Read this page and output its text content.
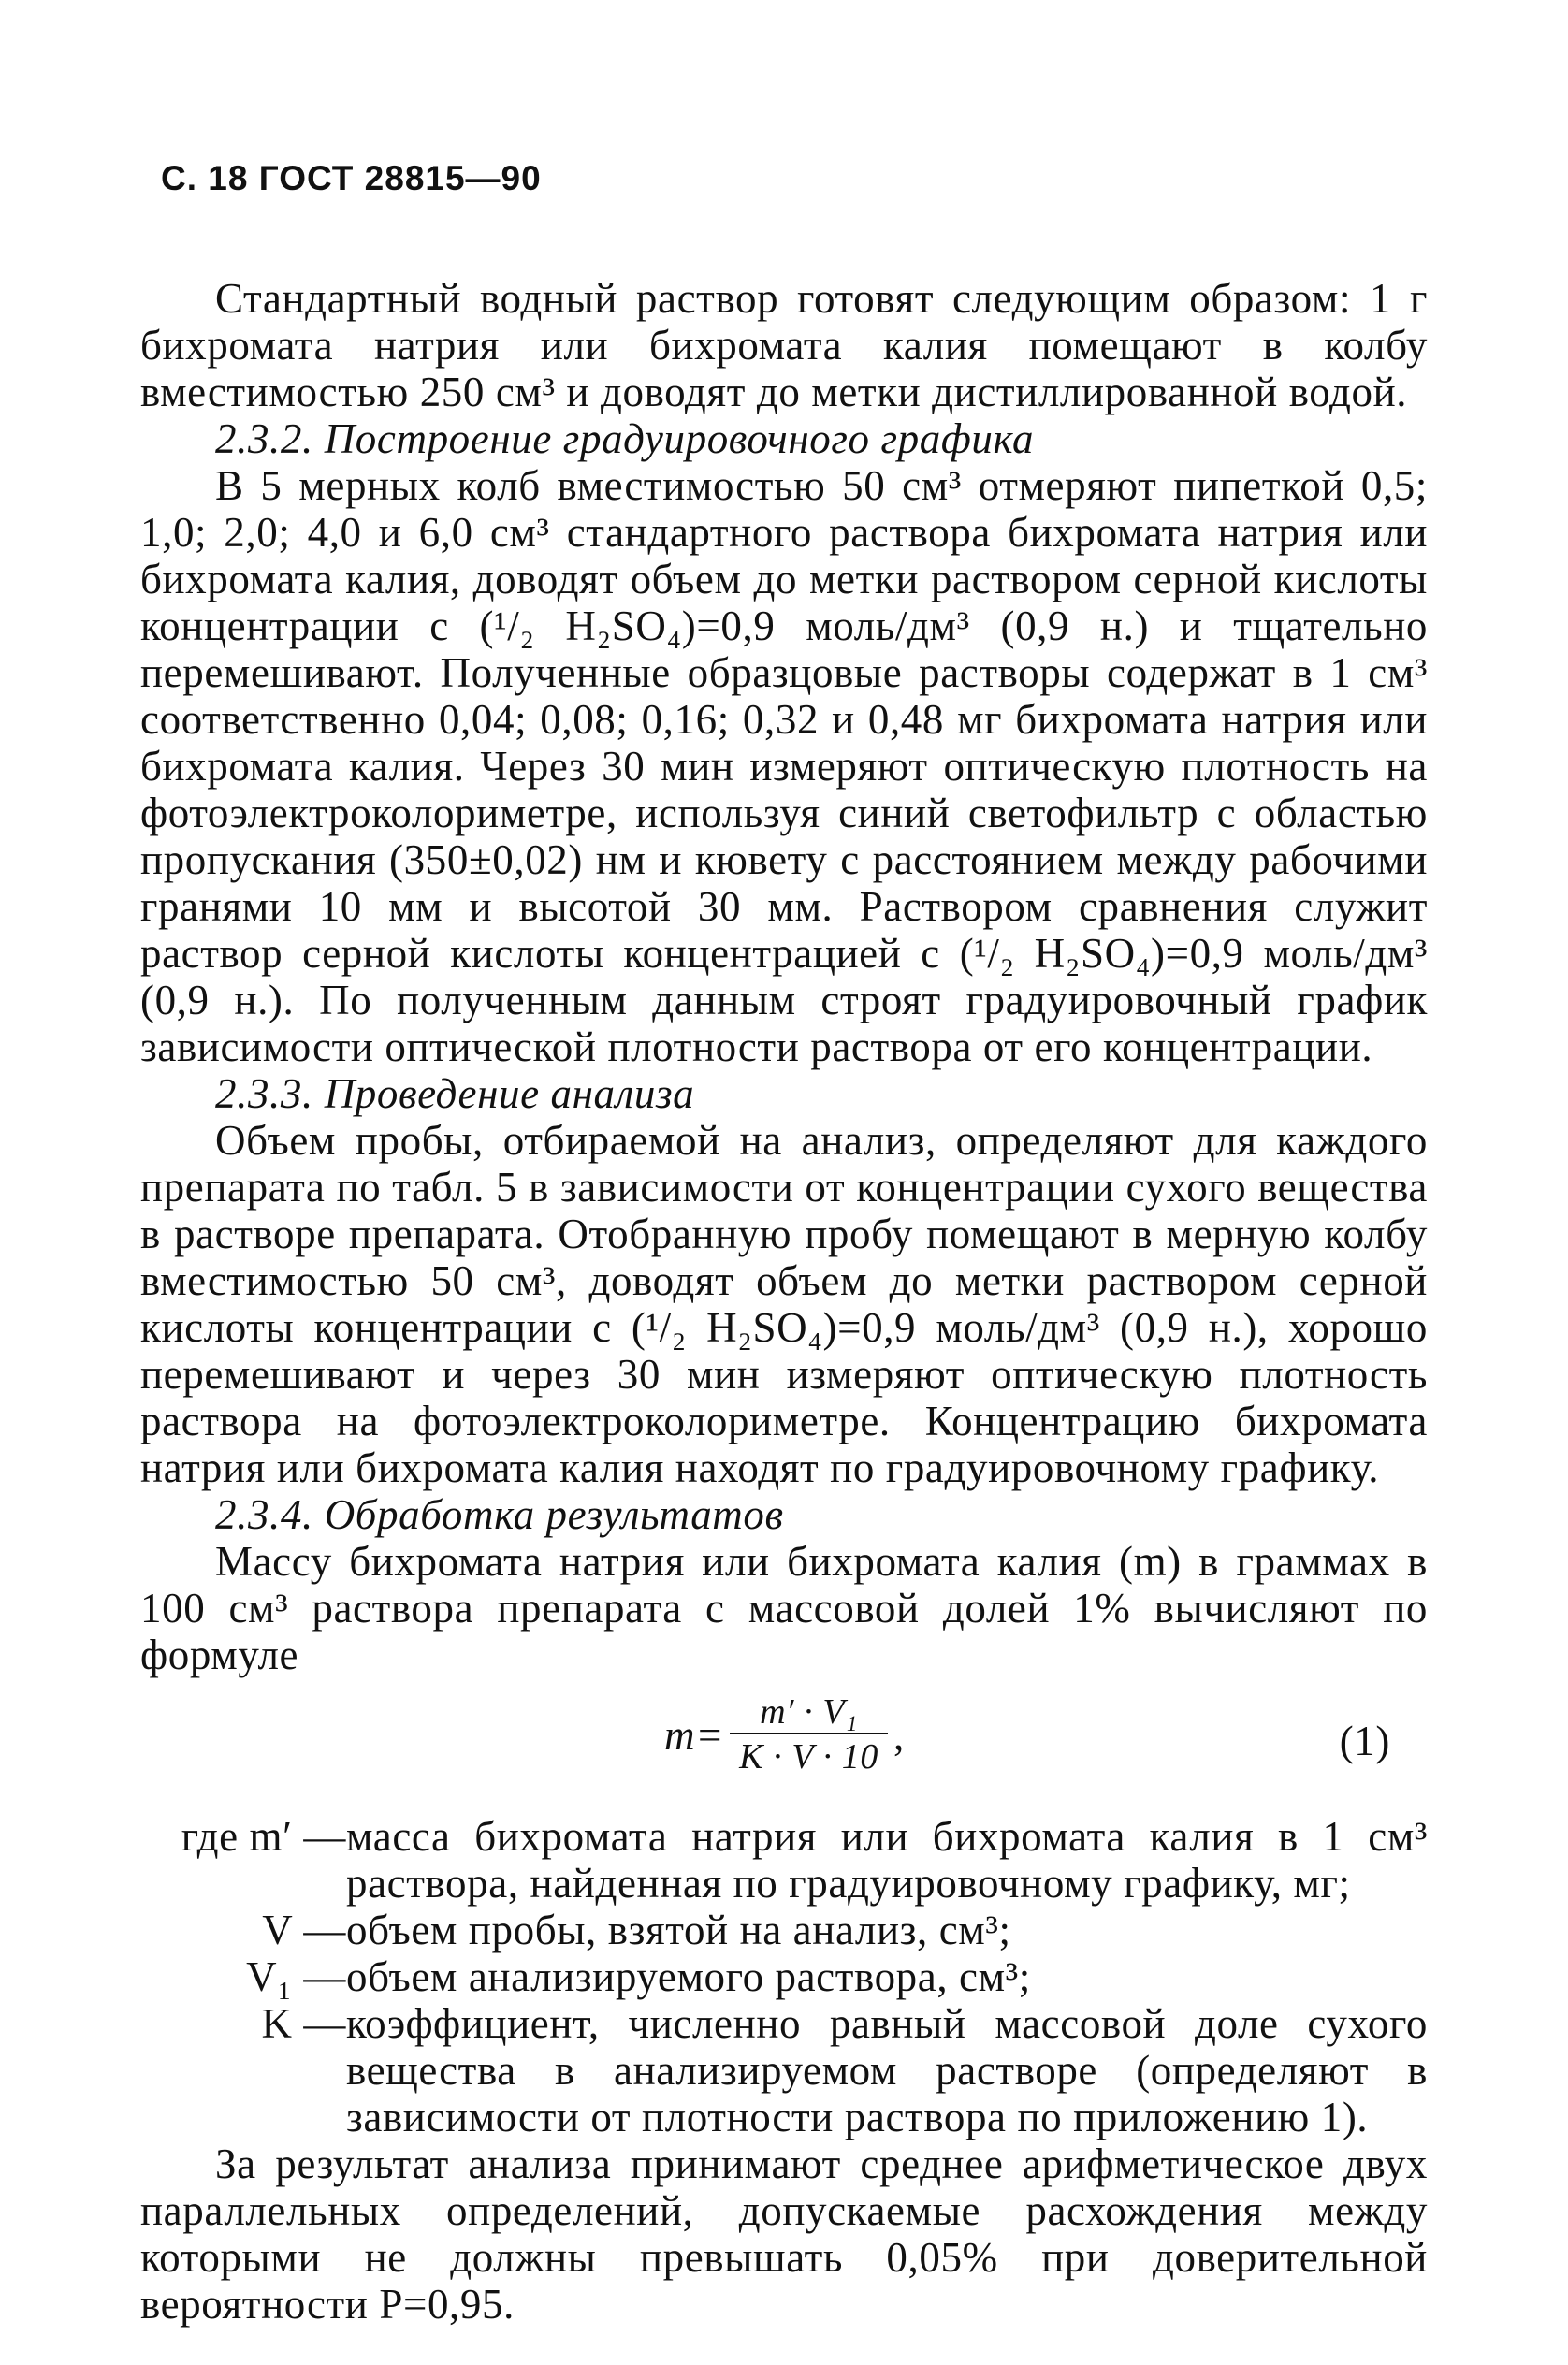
С. 18 ГОСТ 28815—90

Стандартный водный раствор готовят следующим образом: 1 г бихромата натрия или бихромата калия помещают в колбу вместимостью 250 см³ и доводят до метки дистиллированной водой.

2.3.2. Построение градуировочного графика

В 5 мерных колб вместимостью 50 см³ отмеряют пипеткой 0,5; 1,0; 2,0; 4,0 и 6,0 см³ стандартного раствора бихромата натрия или бихромата калия, доводят объем до метки раствором серной кислоты концентрации c (¹/₂ H₂SO₄)=0,9 моль/дм³ (0,9 н.) и тщательно перемешивают. Полученные образцовые растворы содержат в 1 см³ соответственно 0,04; 0,08; 0,16; 0,32 и 0,48 мг бихромата натрия или бихромата калия. Через 30 мин измеряют оптическую плотность на фотоэлектроколориметре, используя синий светофильтр с областью пропускания (350±0,02) нм и кювету с расстоянием между рабочими гранями 10 мм и высотой 30 мм. Раствором сравнения служит раствор серной кислоты концентрацией c (¹/₂ H₂SO₄)=0,9 моль/дм³ (0,9 н.). По полученным данным строят градуировочный график зависимости оптической плотности раствора от его концентрации.

2.3.3. Проведение анализа

Объем пробы, отбираемой на анализ, определяют для каждого препарата по табл. 5 в зависимости от концентрации сухого вещества в растворе препарата. Отобранную пробу помещают в мерную колбу вместимостью 50 см³, доводят объем до метки раствором серной кислоты концентрации c (¹/₂ H₂SO₄)=0,9 моль/дм³ (0,9 н.), хорошо перемешивают и через 30 мин измеряют оптическую плотность раствора на фотоэлектроколориметре. Концентрацию бихромата натрия или бихромата калия находят по градуировочному графику.

2.3.4. Обработка результатов

Массу бихромата натрия или бихромата калия (m) в граммах в 100 см³ раствора препарата с массовой долей 1% вычисляют по формуле

$m= \frac{\text{m′ · V₁}}{K \cdot V \cdot 10}$ ,	(1)
где m′ — масса бихромата натрия или бихромата калия в 1 см³ раствора, найденная по градуировочному графику, мг;
V — объем пробы, взятой на анализ, см³;
V₁ — объем анализируемого раствора, см³;
K — коэффициент, численно равный массовой доле сухого вещества в анализируемом растворе (определяют в зависимости от плотности раствора по приложению 1).

За результат анализа принимают среднее арифметическое двух параллельных определений, допускаемые расхождения между которыми не должны превышать 0,05% при доверительной вероятности P=0,95.
